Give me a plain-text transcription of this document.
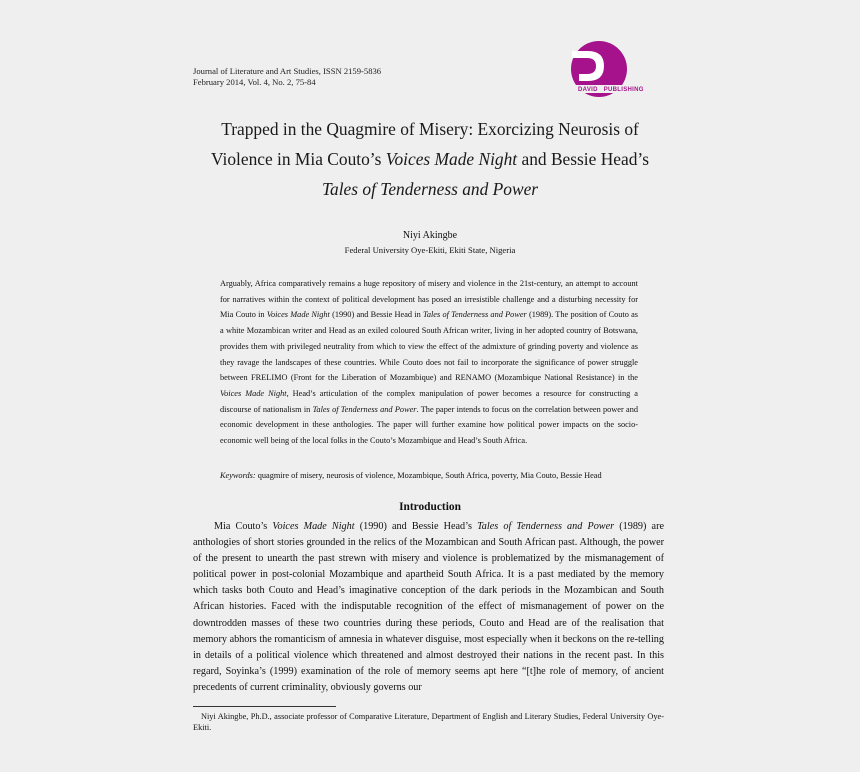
Journal of Literature and Art Studies, ISSN 2159-5836
February 2014, Vol. 4, No. 2, 75-84
DAVID PUBLISHING
Trapped in the Quagmire of Misery: Exorcizing Neurosis of Violence in Mia Couto’s Voices Made Night and Bessie Head’s
Tales of Tenderness and Power
Niyi Akingbe
Federal University Oye-Ekiti, Ekiti State, Nigeria
Arguably, Africa comparatively remains a huge repository of misery and violence in the 21st-century, an attempt to account for narratives within the context of political development has posed an irresistible challenge and a disturbing necessity for Mia Couto in Voices Made Night (1990) and Bessie Head in Tales of Tenderness and Power (1989). The position of Couto as a white Mozambican writer and Head as an exiled coloured South African writer, living in her adopted country of Botswana, provides them with privileged neutrality from which to view the effect of the admixture of grinding poverty and violence as they ravage the landscapes of these countries. While Couto does not fail to incorporate the significance of power struggle between FRELIMO (Front for the Liberation of Mozambique) and RENAMO (Mozambique National Resistance) in the Voices Made Night, Head’s articulation of the complex manipulation of power becomes a resource for constructing a discourse of nationalism in Tales of Tenderness and Power. The paper intends to focus on the correlation between power and economic development in these anthologies. The paper will further examine how political power impacts on the socio-economic well being of the local folks in the Couto’s Mozambique and Head’s South Africa.
Keywords: quagmire of misery, neurosis of violence, Mozambique, South Africa, poverty, Mia Couto, Bessie Head
Introduction
Mia Couto’s Voices Made Night (1990) and Bessie Head’s Tales of Tenderness and Power (1989) are anthologies of short stories grounded in the relics of the Mozambican and South African past. Although, the power of the present to unearth the past strewn with misery and violence is problematized by the mismanagement of political power in post-colonial Mozambique and apartheid South Africa. It is a past mediated by the memory which tasks both Couto and Head’s imaginative conception of the dark periods in the Mozambican and South African histories. Faced with the indisputable recognition of the effect of mismanagement of power on the downtrodden masses of these two countries during these periods, Couto and Head are of the realisation that memory abhors the romanticism of amnesia in whatever disguise, most especially when it beckons on the re-telling in details of a political violence which threatened and almost destroyed their nations in the recent past. In this regard, Soyinka’s (1999) examination of the role of memory seems apt here “[t]he role of memory, of ancient precedents of current criminality, obviously governs our
Niyi Akingbe, Ph.D., associate professor of Comparative Literature, Department of English and Literary Studies, Federal University Oye-Ekiti.
